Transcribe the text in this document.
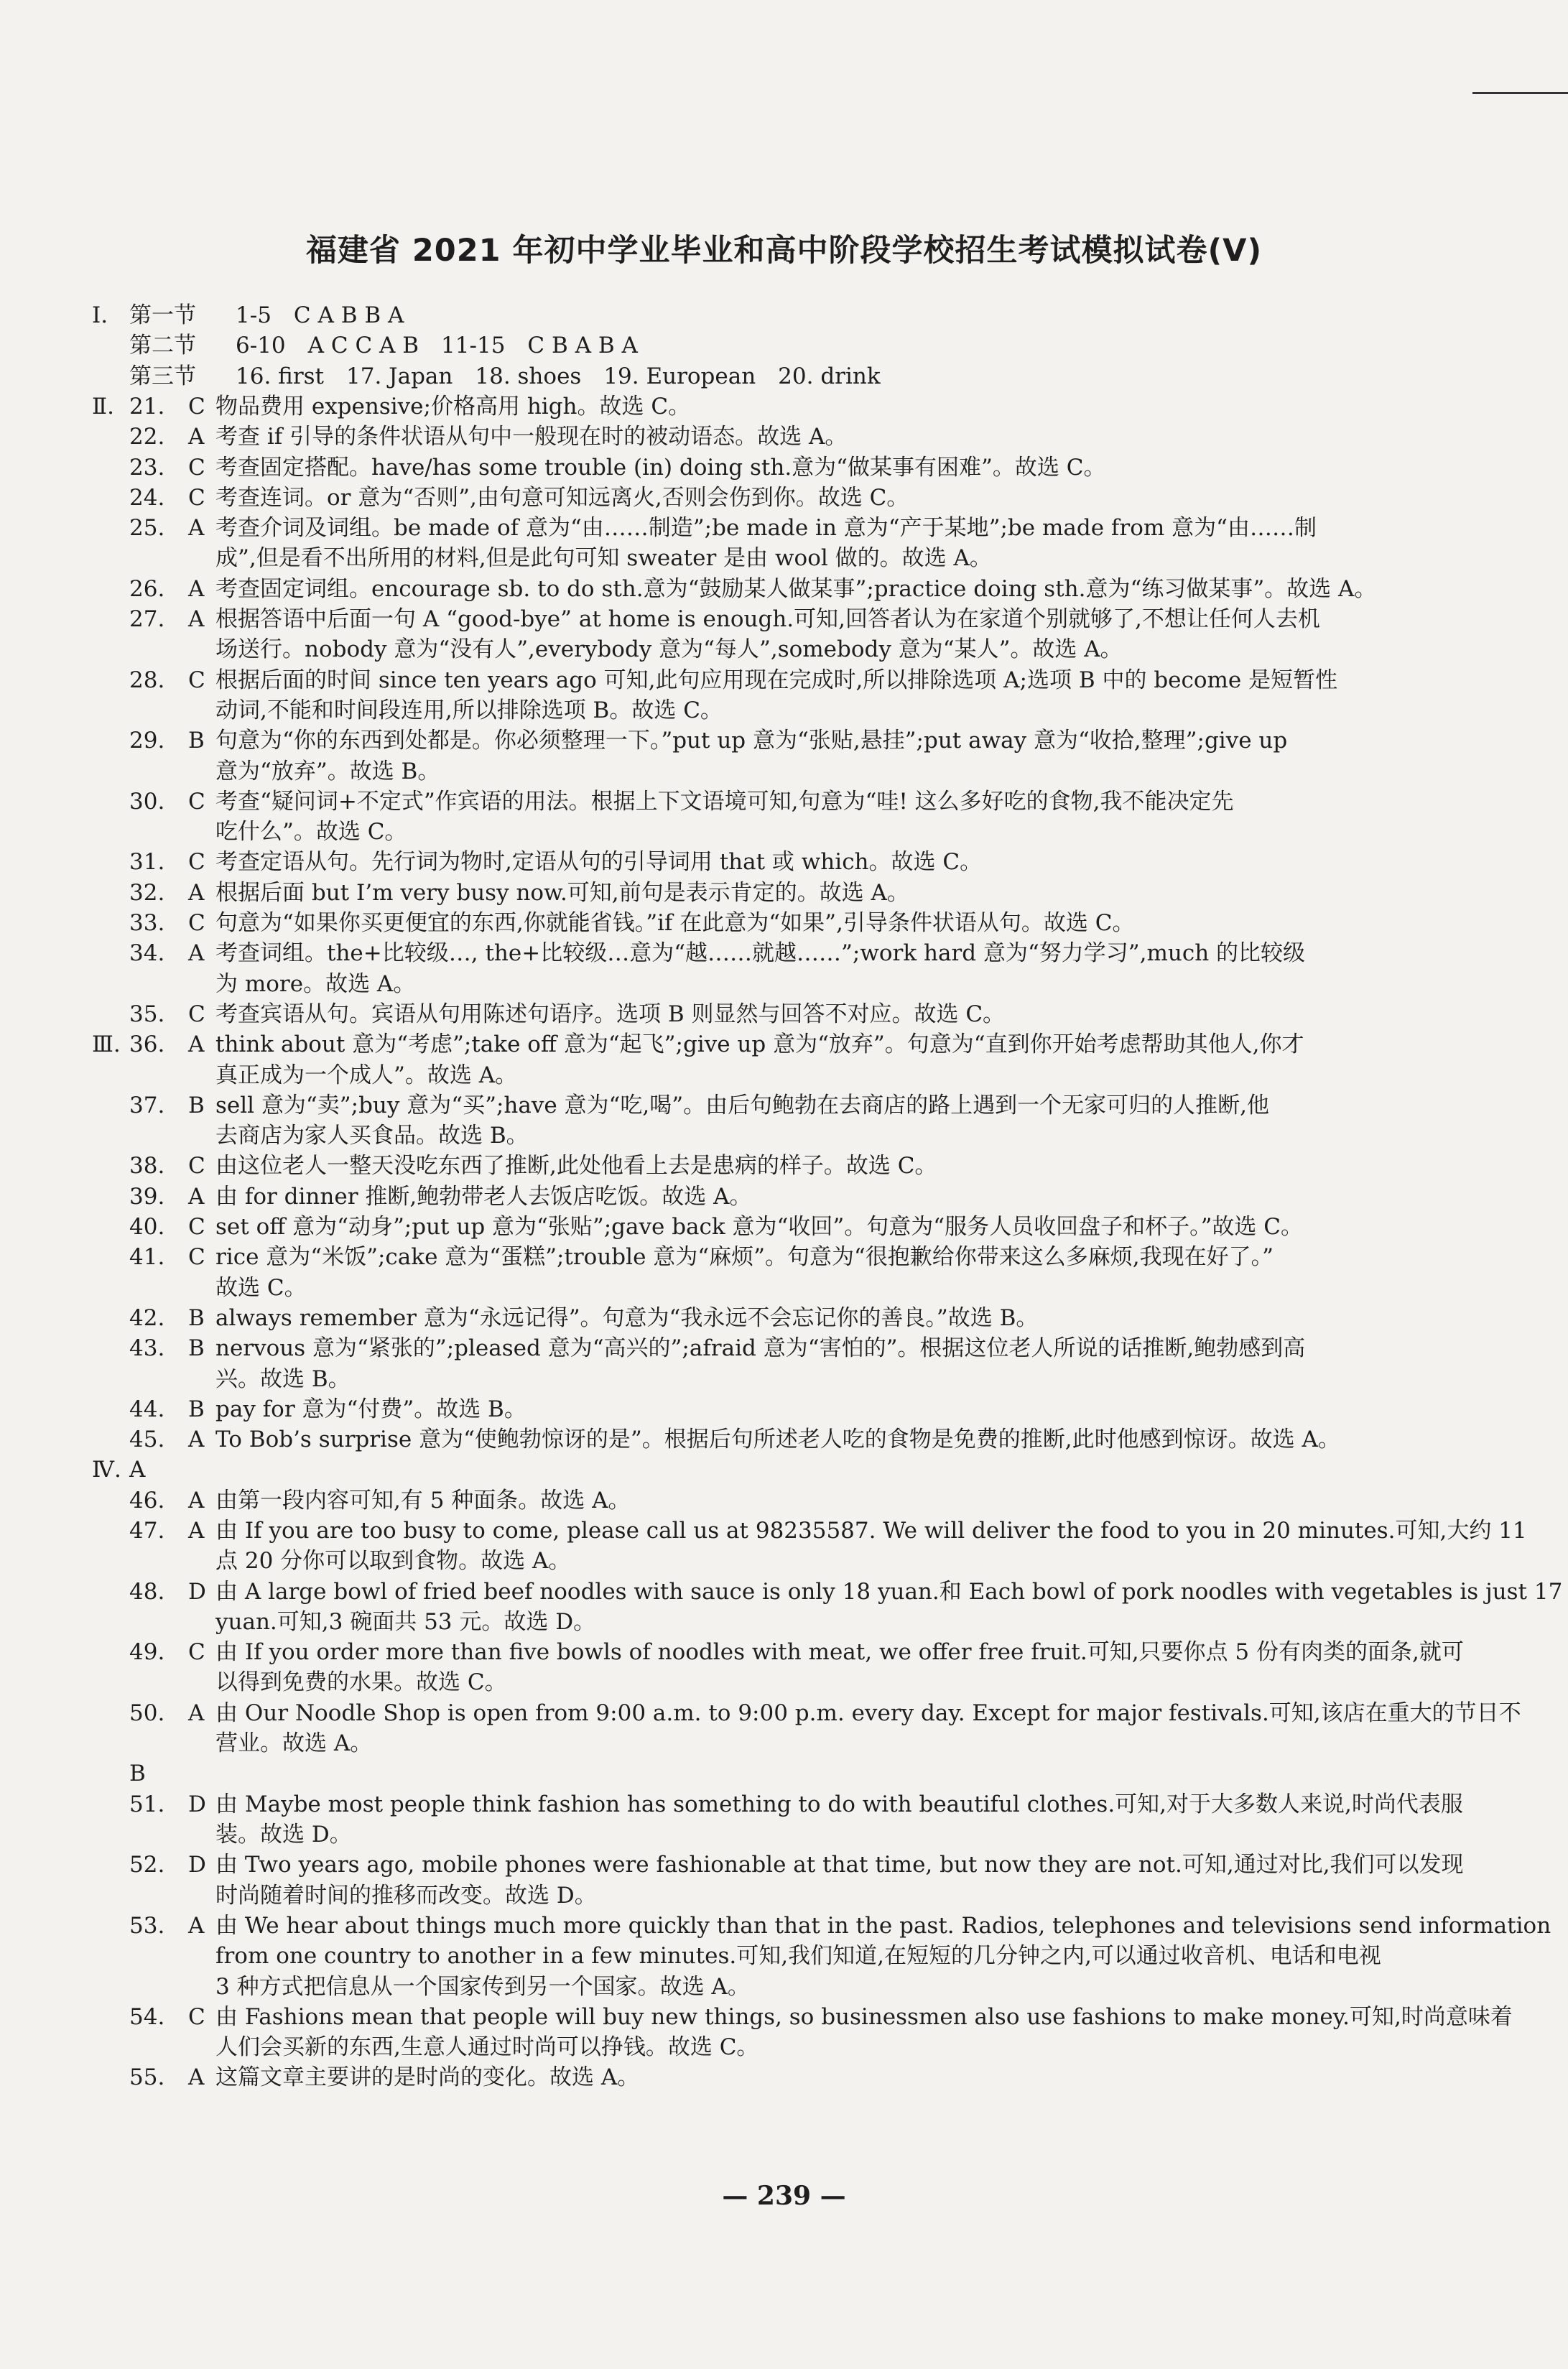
福建省 2021 年初中学业毕业和高中阶段学校招生考试模拟试卷(Ⅴ)
Ⅰ. 第一节 1-5　C A B B A
第二节 6-10　A C C A B　11-15　C B A B A
第三节 16. first　17. Japan　18. shoes　19. European　20. drink
Ⅱ. 21. C 物品费用 expensive;价格高用 high。故选 C。
22. A 考查 if 引导的条件状语从句中一般现在时的被动语态。故选 A。
23. C 考查固定搭配。have/has some trouble (in) doing sth.意为“做某事有困难”。故选 C。
24. C 考查连词。or 意为“否则”,由句意可知远离火,否则会伤到你。故选 C。
25. A 考查介词及词组。be made of 意为“由……制造”;be made in 意为“产于某地”;be made from 意为“由……制
成”,但是看不出所用的材料,但是此句可知 sweater 是由 wool 做的。故选 A。
26. A 考查固定词组。encourage sb. to do sth.意为“鼓励某人做某事”;practice doing sth.意为“练习做某事”。故选 A。
27. A 根据答语中后面一句 A “good-bye” at home is enough.可知,回答者认为在家道个别就够了,不想让任何人去机
场送行。nobody 意为“没有人”,everybody 意为“每人”,somebody 意为“某人”。故选 A。
28. C 根据后面的时间 since ten years ago 可知,此句应用现在完成时,所以排除选项 A;选项 B 中的 become 是短暂性
动词,不能和时间段连用,所以排除选项 B。故选 C。
29. B 句意为“你的东西到处都是。你必须整理一下。”put up 意为“张贴,悬挂”;put away 意为“收拾,整理”;give up
意为“放弃”。故选 B。
30. C 考查“疑问词+不定式”作宾语的用法。根据上下文语境可知,句意为“哇! 这么多好吃的食物,我不能决定先
吃什么”。故选 C。
31. C 考查定语从句。先行词为物时,定语从句的引导词用 that 或 which。故选 C。
32. A 根据后面 but I’m very busy now.可知,前句是表示肯定的。故选 A。
33. C 句意为“如果你买更便宜的东西,你就能省钱。”if 在此意为“如果”,引导条件状语从句。故选 C。
34. A 考查词组。the+比较级…, the+比较级…意为“越……就越……”;work hard 意为“努力学习”,much 的比较级
为 more。故选 A。
35. C 考查宾语从句。宾语从句用陈述句语序。选项 B 则显然与回答不对应。故选 C。
Ⅲ. 36. A think about 意为“考虑”;take off 意为“起飞”;give up 意为“放弃”。句意为“直到你开始考虑帮助其他人,你才
真正成为一个成人”。故选 A。
37. B sell 意为“卖”;buy 意为“买”;have 意为“吃,喝”。由后句鲍勃在去商店的路上遇到一个无家可归的人推断,他
去商店为家人买食品。故选 B。
38. C 由这位老人一整天没吃东西了推断,此处他看上去是患病的样子。故选 C。
39. A 由 for dinner 推断,鲍勃带老人去饭店吃饭。故选 A。
40. C set off 意为“动身”;put up 意为“张贴”;gave back 意为“收回”。句意为“服务人员收回盘子和杯子。”故选 C。
41. C rice 意为“米饭”;cake 意为“蛋糕”;trouble 意为“麻烦”。句意为“很抱歉给你带来这么多麻烦,我现在好了。”
故选 C。
42. B always remember 意为“永远记得”。句意为“我永远不会忘记你的善良。”故选 B。
43. B nervous 意为“紧张的”;pleased 意为“高兴的”;afraid 意为“害怕的”。根据这位老人所说的话推断,鲍勃感到高
兴。故选 B。
44. B pay for 意为“付费”。故选 B。
45. A To Bob’s surprise 意为“使鲍勃惊讶的是”。根据后句所述老人吃的食物是免费的推断,此时他感到惊讶。故选 A。
Ⅳ. A
46. A 由第一段内容可知,有 5 种面条。故选 A。
47. A 由 If you are too busy to come, please call us at 98235587. We will deliver the food to you in 20 minutes.可知,大约 11
点 20 分你可以取到食物。故选 A。
48. D 由 A large bowl of fried beef noodles with sauce is only 18 yuan.和 Each bowl of pork noodles with vegetables is just 17
yuan.可知,3 碗面共 53 元。故选 D。
49. C 由 If you order more than five bowls of noodles with meat, we offer free fruit.可知,只要你点 5 份有肉类的面条,就可
以得到免费的水果。故选 C。
50. A 由 Our Noodle Shop is open from 9:00 a.m. to 9:00 p.m. every day. Except for major festivals.可知,该店在重大的节日不
营业。故选 A。
B
51. D 由 Maybe most people think fashion has something to do with beautiful clothes.可知,对于大多数人来说,时尚代表服
装。故选 D。
52. D 由 Two years ago, mobile phones were fashionable at that time, but now they are not.可知,通过对比,我们可以发现
时尚随着时间的推移而改变。故选 D。
53. A 由 We hear about things much more quickly than that in the past. Radios, telephones and televisions send information
from one country to another in a few minutes.可知,我们知道,在短短的几分钟之内,可以通过收音机、电话和电视
3 种方式把信息从一个国家传到另一个国家。故选 A。
54. C 由 Fashions mean that people will buy new things, so businessmen also use fashions to make money.可知,时尚意味着
人们会买新的东西,生意人通过时尚可以挣钱。故选 C。
55. A 这篇文章主要讲的是时尚的变化。故选 A。
— 239 —
